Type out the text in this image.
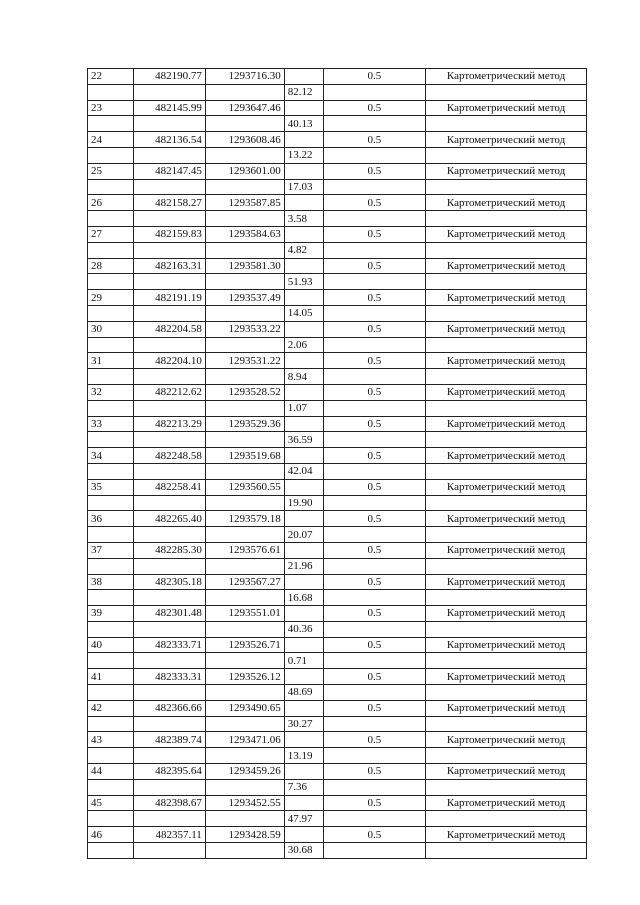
22	482190.77	1293716.30		0.5	Картометрический метод
			82.12		
23	482145.99	1293647.46		0.5	Картометрический метод
			40.13		
24	482136.54	1293608.46		0.5	Картометрический метод
			13.22		
25	482147.45	1293601.00		0.5	Картометрический метод
			17.03		
26	482158.27	1293587.85		0.5	Картометрический метод
			3.58		
27	482159.83	1293584.63		0.5	Картометрический метод
			4.82		
28	482163.31	1293581.30		0.5	Картометрический метод
			51.93		
29	482191.19	1293537.49		0.5	Картометрический метод
			14.05		
30	482204.58	1293533.22		0.5	Картометрический метод
			2.06		
31	482204.10	1293531.22		0.5	Картометрический метод
			8.94		
32	482212.62	1293528.52		0.5	Картометрический метод
			1.07		
33	482213.29	1293529.36		0.5	Картометрический метод
			36.59		
34	482248.58	1293519.68		0.5	Картометрический метод
			42.04		
35	482258.41	1293560.55		0.5	Картометрический метод
			19.90		
36	482265.40	1293579.18		0.5	Картометрический метод
			20.07		
37	482285.30	1293576.61		0.5	Картометрический метод
			21.96		
38	482305.18	1293567.27		0.5	Картометрический метод
			16.68		
39	482301.48	1293551.01		0.5	Картометрический метод
			40.36		
40	482333.71	1293526.71		0.5	Картометрический метод
			0.71		
41	482333.31	1293526.12		0.5	Картометрический метод
			48.69		
42	482366.66	1293490.65		0.5	Картометрический метод
			30.27		
43	482389.74	1293471.06		0.5	Картометрический метод
			13.19		
44	482395.64	1293459.26		0.5	Картометрический метод
			7.36		
45	482398.67	1293452.55		0.5	Картометрический метод
			47.97		
46	482357.11	1293428.59		0.5	Картометрический метод
			30.68		
